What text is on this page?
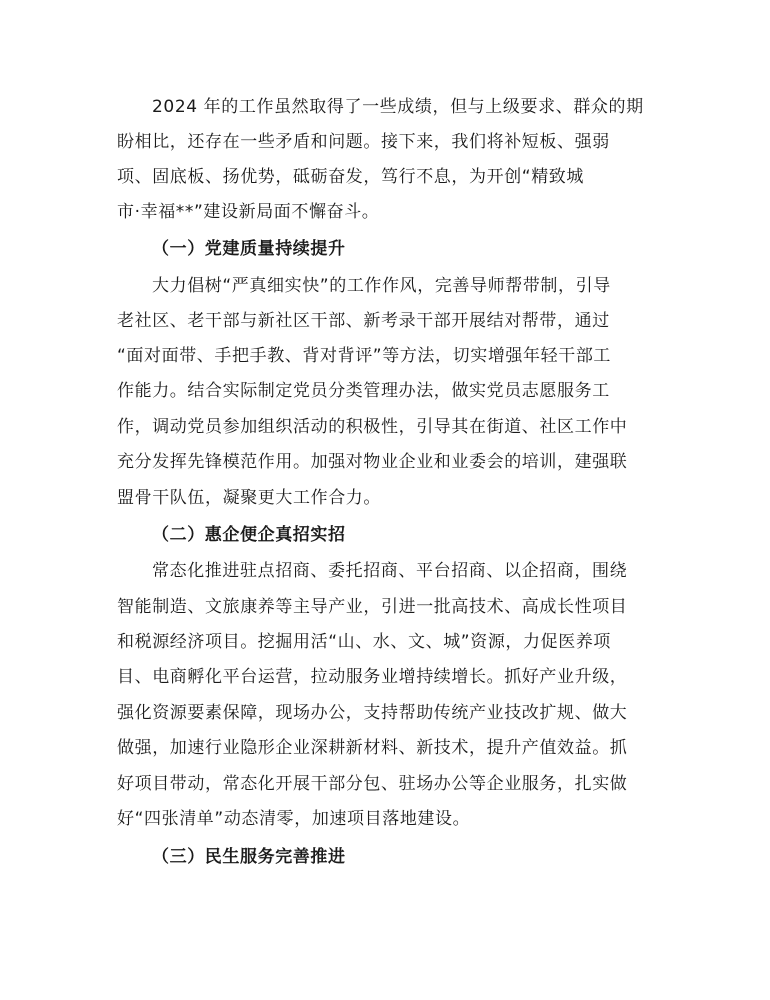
2024 年的工作虽然取得了一些成绩，但与上级要求、群众的期
盼相比，还存在一些矛盾和问题。接下来，我们将补短板、强弱
项、固底板、扬优势，砥砺奋发，笃行不息，为开创“精致城
市·幸福**”建设新局面不懈奋斗。
（一）党建质量持续提升
大力倡树“严真细实快”的工作作风，完善导师帮带制，引导
老社区、老干部与新社区干部、新考录干部开展结对帮带，通过
“面对面带、手把手教、背对背评”等方法，切实增强年轻干部工
作能力。结合实际制定党员分类管理办法，做实党员志愿服务工
作，调动党员参加组织活动的积极性，引导其在街道、社区工作中
充分发挥先锋模范作用。加强对物业企业和业委会的培训，建强联
盟骨干队伍，凝聚更大工作合力。
（二）惠企便企真招实招
常态化推进驻点招商、委托招商、平台招商、以企招商，围绕
智能制造、文旅康养等主导产业，引进一批高技术、高成长性项目
和税源经济项目。挖掘用活“山、水、文、城”资源，力促医养项
目、电商孵化平台运营，拉动服务业增持续增长。抓好产业升级，
强化资源要素保障，现场办公，支持帮助传统产业技改扩规、做大
做强，加速行业隐形企业深耕新材料、新技术，提升产值效益。抓
好项目带动，常态化开展干部分包、驻场办公等企业服务，扎实做
好“四张清单”动态清零，加速项目落地建设。
（三）民生服务完善推进
